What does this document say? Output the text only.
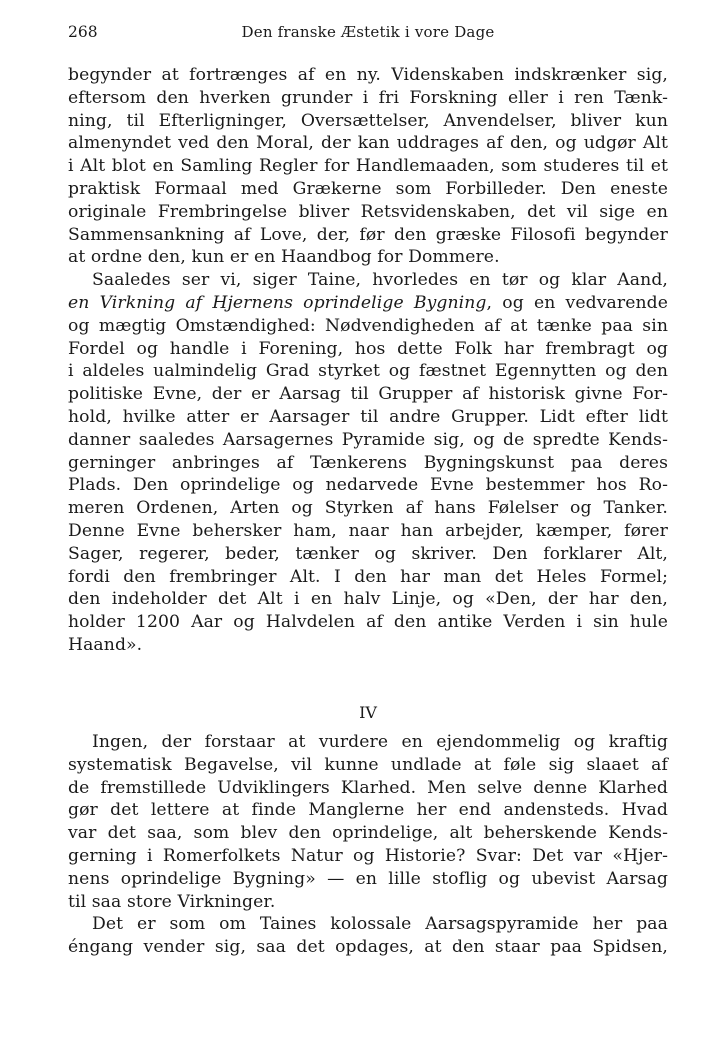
268	Den franske Æstetik i vore Dage
begynder at fortrænges af en ny. Videnskaben indskrænker sig,
eftersom den hverken grunder i fri Forskning eller i ren Tænk-
ning, til Efterligninger, Oversættelser, Anvendelser, bliver kun
almenyndet ved den Moral, der kan uddrages af den, og udgør Alt
i Alt blot en Samling Regler for Handlemaaden, som studeres til et
praktisk Formaal med Grækerne som Forbilleder. Den eneste
originale Frembringelse bliver Retsvidenskaben, det vil sige en
Sammensankning af Love, der, før den græske Filosofi begynder
at ordne den, kun er en Haandbog for Dommere.
Saaledes ser vi, siger Taine, hvorledes en tør og klar Aand,
en Virkning af Hjernens oprindelige Bygning, og en vedvarende
og mægtig Omstændighed: Nødvendigheden af at tænke paa sin
Fordel og handle i Forening, hos dette Folk har frembragt og
i aldeles ualmindelig Grad styrket og fæstnet Egennytten og den
politiske Evne, der er Aarsag til Grupper af historisk givne For-
hold, hvilke atter er Aarsager til andre Grupper. Lidt efter lidt
danner saaledes Aarsagernes Pyramide sig, og de spredte Kends-
gerninger anbringes af Tænkerens Bygningskunst paa deres
Plads. Den oprindelige og nedarvede Evne bestemmer hos Ro-
meren Ordenen, Arten og Styrken af hans Følelser og Tanker.
Denne Evne behersker ham, naar han arbejder, kæmper, fører
Sager, regerer, beder, tænker og skriver. Den forklarer Alt,
fordi den frembringer Alt. I den har man det Heles Formel;
den indeholder det Alt i en halv Linje, og «Den, der har den,
holder 1200 Aar og Halvdelen af den antike Verden i sin hule
Haand».
IV
Ingen, der forstaar at vurdere en ejendommelig og kraftig
systematisk Begavelse, vil kunne undlade at føle sig slaaet af
de fremstillede Udviklingers Klarhed. Men selve denne Klarhed
gør det lettere at finde Manglerne her end andensteds. Hvad
var det saa, som blev den oprindelige, alt beherskende Kends-
gerning i Romerfolkets Natur og Historie? Svar: Det var «Hjer-
nens oprindelige Bygning» — en lille stoflig og ubevist Aarsag
til saa store Virkninger.
Det er som om Taines kolossale Aarsagspyramide her paa
éngang vender sig, saa det opdages, at den staar paa Spidsen,
